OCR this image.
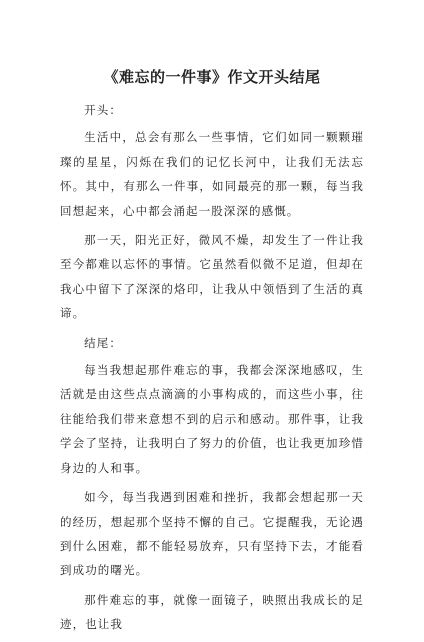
《难忘的一件事》作文开头结尾

开头：

生活中，总会有那么一些事情，它们如同一颗颗璀璨的星星，闪烁在我们的记忆长河中，让我们无法忘怀。其中，有那么一件事，如同最亮的那一颗，每当我回想起来，心中都会涌起一股深深的感慨。

那一天，阳光正好，微风不燥，却发生了一件让我至今都难以忘怀的事情。它虽然看似微不足道，但却在我心中留下了深深的烙印，让我从中领悟到了生活的真谛。

结尾：

每当我想起那件难忘的事，我都会深深地感叹，生活就是由这些点点滴滴的小事构成的，而这些小事，往往能给我们带来意想不到的启示和感动。那件事，让我学会了坚持，让我明白了努力的价值，也让我更加珍惜身边的人和事。

如今，每当我遇到困难和挫折，我都会想起那一天的经历，想起那个坚持不懈的自己。它提醒我，无论遇到什么困难，都不能轻易放弃，只有坚持下去，才能看到成功的曙光。

那件难忘的事，就像一面镜子，映照出我成长的足迹，也让我
